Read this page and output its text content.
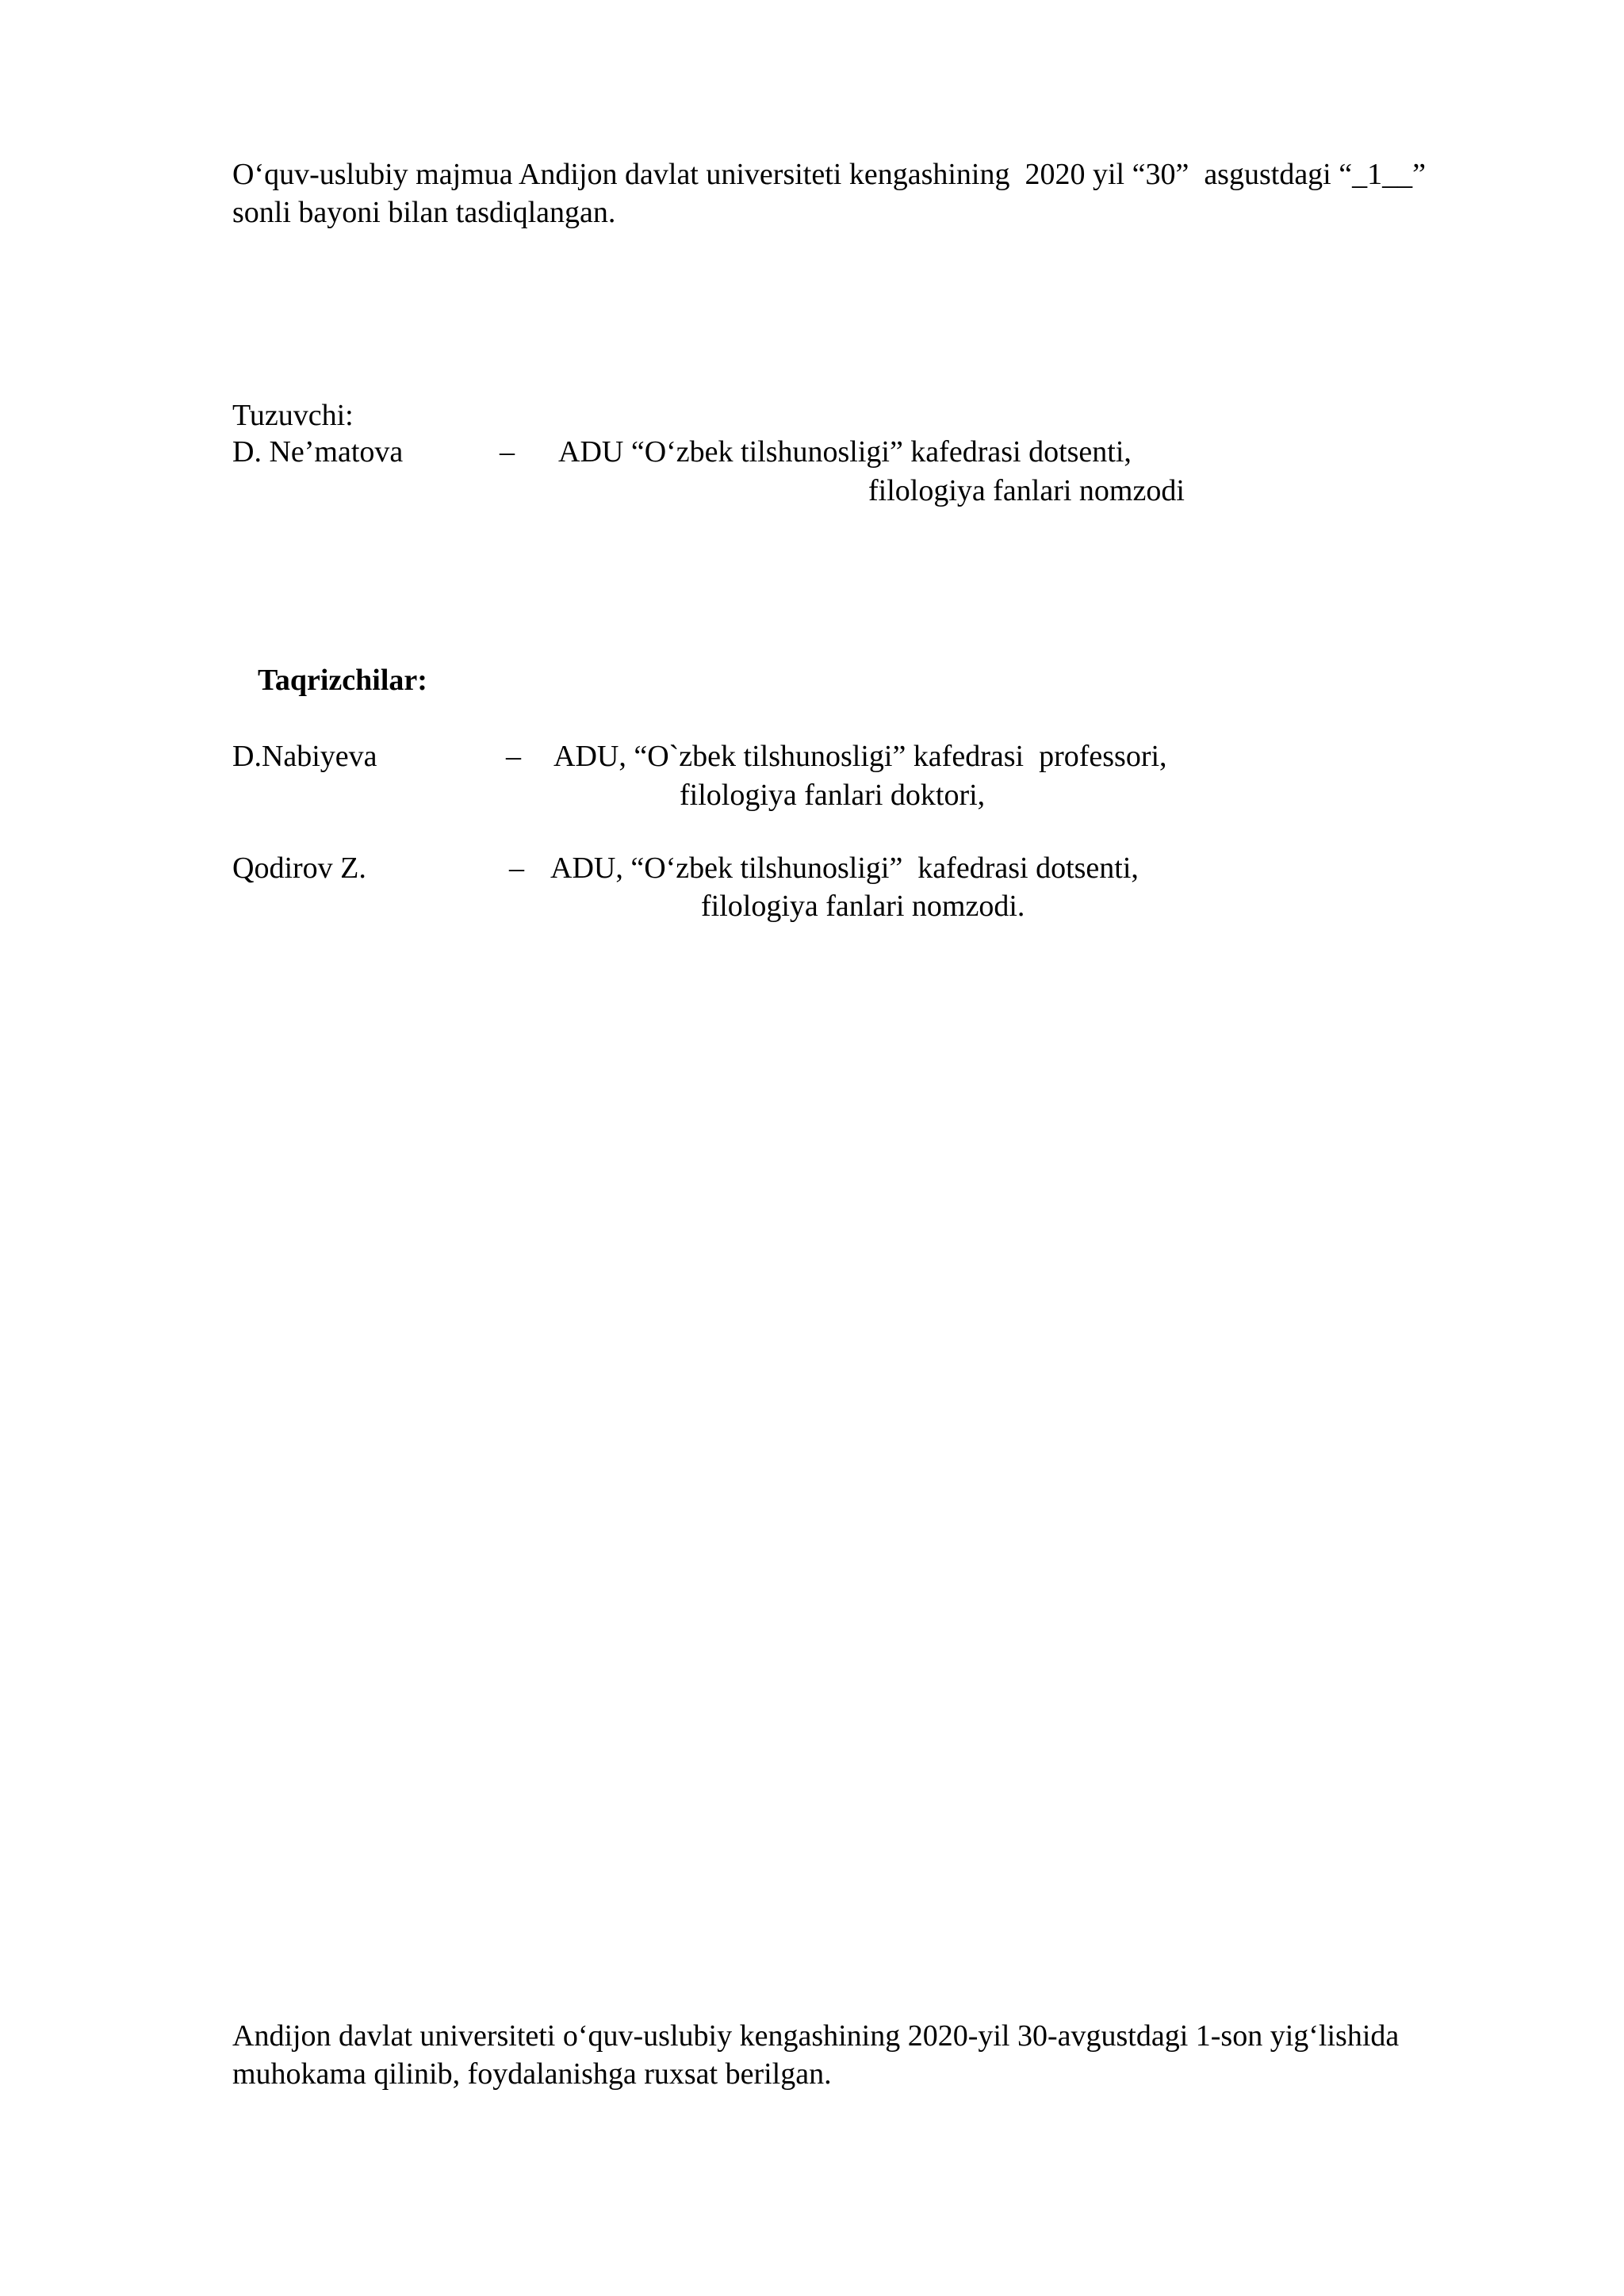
O‘quv-uslubiy majmua Andijon davlat universiteti kengashining  2020 yil “30”  asgustdagi “_1__”
sonli bayoni bilan tasdiqlangan.
Tuzuvchi:
D. Ne’matova	– ADU “O‘zbek tilshunosligi” kafedrasi dotsenti,
filologiya fanlari nomzodi
Taqrizchilar:
D.Nabiyeva	– ADU, “O`zbek tilshunosligi” kafedrasi  professori,
filologiya fanlari doktori,
Qodirov Z.	– ADU, “O‘zbek tilshunosligi”  kafedrasi dotsenti,
filologiya fanlari nomzodi.
Andijon davlat universiteti o‘quv-uslubiy kengashining 2020-yil 30-avgustdagi 1-son yig‘lishida
muhokama qilinib, foydalanishga ruxsat berilgan.
